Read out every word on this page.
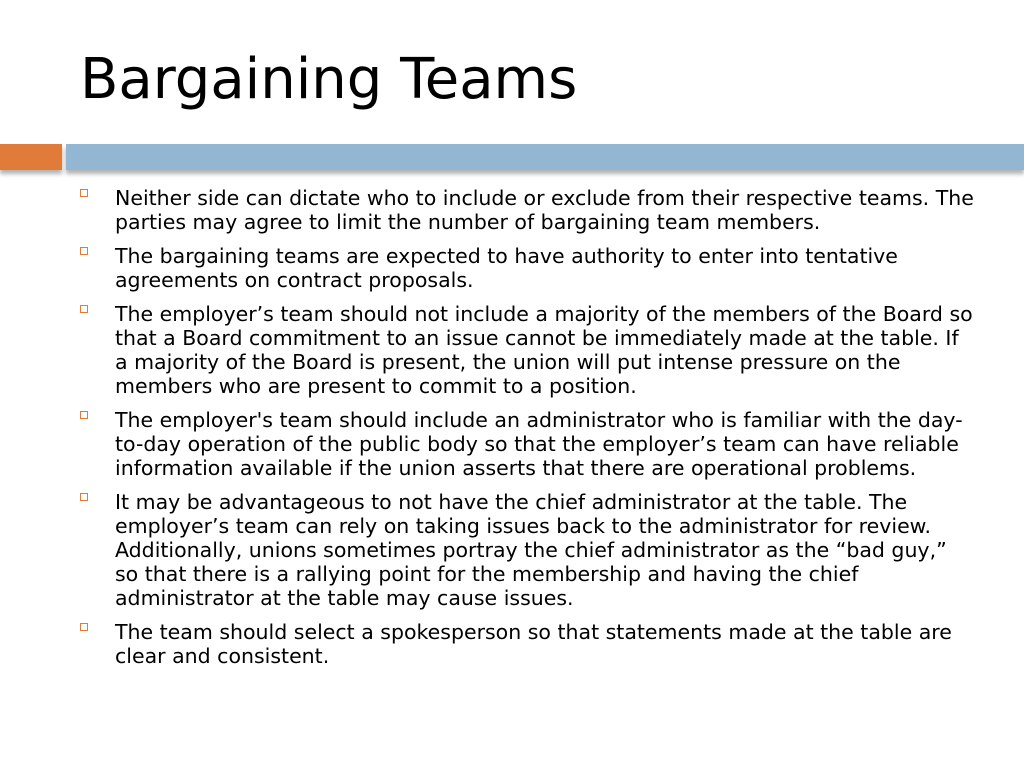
Bargaining Teams
Neither side can dictate who to include or exclude from their respective teams. The parties may agree to limit the number of bargaining team members.
The bargaining teams are expected to have authority to enter into tentative agreements on contract proposals.
The employer’s team should not include a majority of the members of the Board so that a Board commitment to an issue cannot be immediately made at the table. If a majority of the Board is present, the union will put intense pressure on the members who are present to commit to a position.
The employer's team should include an administrator who is familiar with the day-to-day operation of the public body so that the employer’s team can have reliable information available if the union asserts that there are operational problems.
It may be advantageous to not have the chief administrator at the table. The employer’s team can rely on taking issues back to the administrator for review. Additionally, unions sometimes portray the chief administrator as the “bad guy,” so that there is a rallying point for the membership and having the chief administrator at the table may cause issues.
The team should select a spokesperson so that statements made at the table are clear and consistent.
